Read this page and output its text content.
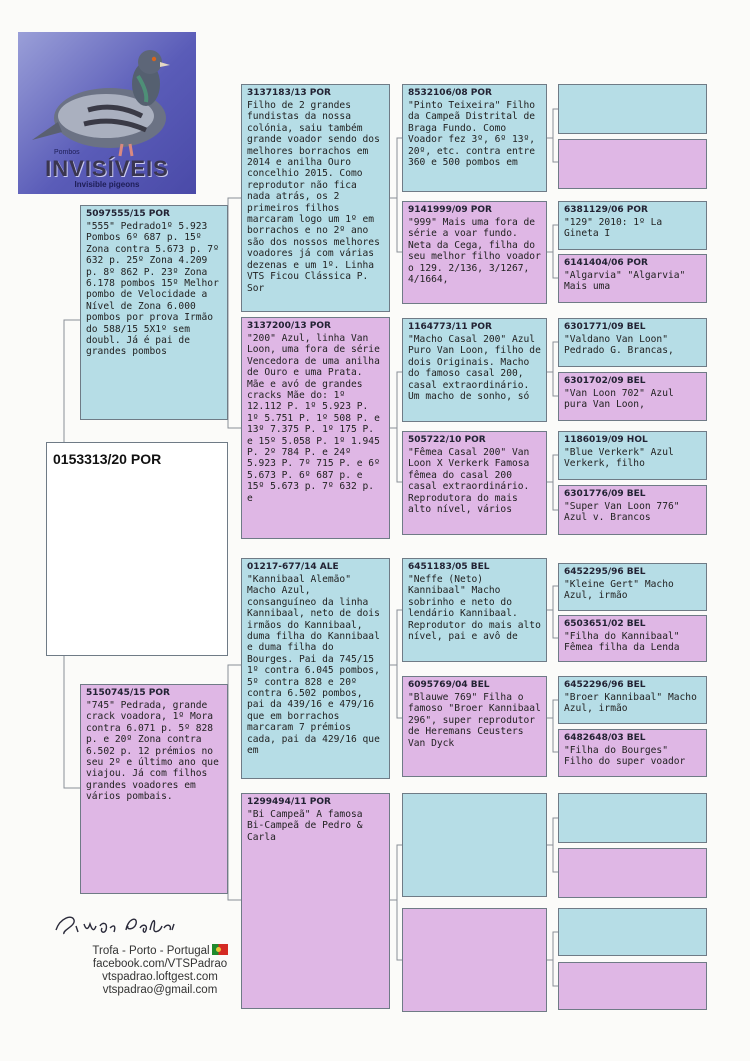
Pombos
INVISÍVEIS
Invisible pigeons
0153313/20 POR
5097555/15 POR
"555" Pedrado1º 5.923 Pombos 6º 687 p. 15º Zona contra 5.673 p. 7º 632 p. 25º Zona 4.209 p. 8º 862 P. 23º Zona 6.178 pombos 15º Melhor pombo de Velocidade a Nível de Zona 6.000 pombos por prova Irmão do 588/15 5X1º sem doubl. Já é pai de grandes pombos
5150745/15 POR
"745" Pedrada, grande crack voadora, 1º Mora contra 6.071 p. 5º 828 p. e 20º Zona contra 6.502 p. 12 prémios no seu 2º e último ano que viajou. Já com filhos grandes voadores em vários pombais.
3137183/13 POR
Filho de 2 grandes fundistas da nossa colónia, saiu também grande voador sendo dos melhores borrachos em 2014 e anilha Ouro concelhio 2015. Como reprodutor não fica nada atrás, os 2 primeiros filhos marcaram logo um 1º em borrachos e no 2º ano são dos nossos melhores voadores já com várias dezenas e um 1º. Linha VTS Ficou Clássica P. Sor
3137200/13 POR
"200" Azul, linha Van Loon, uma fora de série Vencedora de uma anilha de Ouro e uma Prata. Mãe e avó de grandes cracks Mãe do: 1º 12.112 P. 1º 5.923 P. 1º 5.751 P. 1º 508 P. e 13º 7.375 P. 1º 175 P. e 15º 5.058 P. 1º 1.945 P. 2º 784 P. e 24º 5.923 P. 7º 715 P. e 6º 5.673 P. 6º 687 p. e 15º 5.673 p. 7º 632 p. e
01217-677/14 ALE
"Kannibaal Alemão" Macho Azul, consanguíneo da linha Kannibaal, neto de dois irmãos do Kannibaal, duma filha do Kannibaal e duma filha do Bourges. Pai da 745/15 1º contra 6.045 pombos, 5º contra 828 e 20º contra 6.502 pombos, pai da 439/16 e 479/16 que em borrachos marcaram 7 prémios cada, pai da 429/16 que em
1299494/11 POR
"Bi Campeã" A famosa Bi-Campeã de Pedro & Carla
8532106/08 POR
"Pinto Teixeira" Filho da Campeã Distrital de Braga Fundo. Como Voador fez 3º, 6º 13º, 20º, etc. contra entre 360 e 500 pombos em
9141999/09 POR
"999" Mais uma fora de série a voar fundo. Neta da Cega, filha do seu melhor filho voador o 129. 2/136, 3/1267, 4/1664,
1164773/11 POR
"Macho Casal 200" Azul Puro Van Loon, filho de dois Originais. Macho do famoso casal 200, casal extraordinário. Um macho de sonho, só
505722/10 POR
"Fêmea Casal 200" Van Loon X Verkerk Famosa fêmea do casal 200 casal extraordinário. Reprodutora do mais alto nível, vários
6451183/05 BEL
"Neffe (Neto) Kannibaal" Macho sobrinho e neto do lendário Kannibaal. Reprodutor do mais alto nível, pai e avô de
6095769/04 BEL
"Blauwe 769" Filha o famoso "Broer Kannibaal 296", super reprodutor de Heremans Ceusters Van Dyck
6381129/06 POR
"129" 2010: 1º La Gineta I
6141404/06 POR
"Algarvia" "Algarvia" Mais uma
6301771/09 BEL
"Valdano Van Loon" Pedrado G. Brancas,
6301702/09 BEL
"Van Loon 702" Azul pura Van Loon,
1186019/09 HOL
"Blue Verkerk" Azul Verkerk, filho
6301776/09 BEL
"Super Van Loon 776" Azul v. Brancos
6452295/96 BEL
"Kleine Gert" Macho Azul, irmão
6503651/02 BEL
"Filha do Kannibaal" Fêmea filha da Lenda
6452296/96 BEL
"Broer Kannibaal" Macho Azul, irmão
6482648/03 BEL
"Filha do Bourges" Filho do super voador
Trofa - Porto - Portugal
facebook.com/VTSPadrao
vtspadrao.loftgest.com
vtspadrao@gmail.com
